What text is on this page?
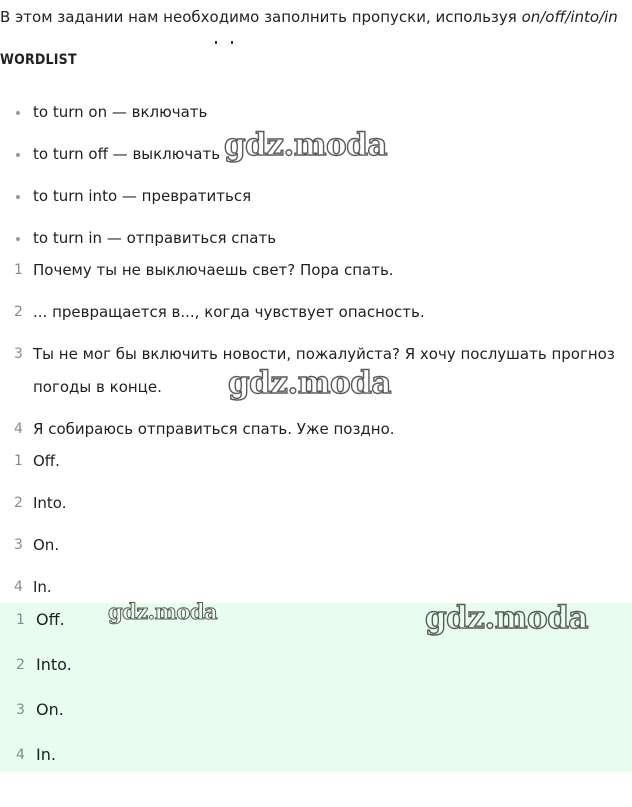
В этом задании нам необходимо заполнить пропуски, используя on/off/into/in
WORDLIST
to turn on — включать
to turn off — выключать
to turn into — превратиться
to turn in — отправиться спать
1 Почему ты не выключаешь свет? Пора спать.
2 ... превращается в..., когда чувствует опасность.
3 Ты не мог бы включить новости, пожалуйста? Я хочу послушать прогноз
погоды в конце.
4 Я собираюсь отправиться спать. Уже поздно.
1 Off.
2 Into.
3 On.
4 In.
1 Off.
2 Into.
3 On.
4 In.
gdz.moda
gdz.moda
gdz.moda	gdz.moda
